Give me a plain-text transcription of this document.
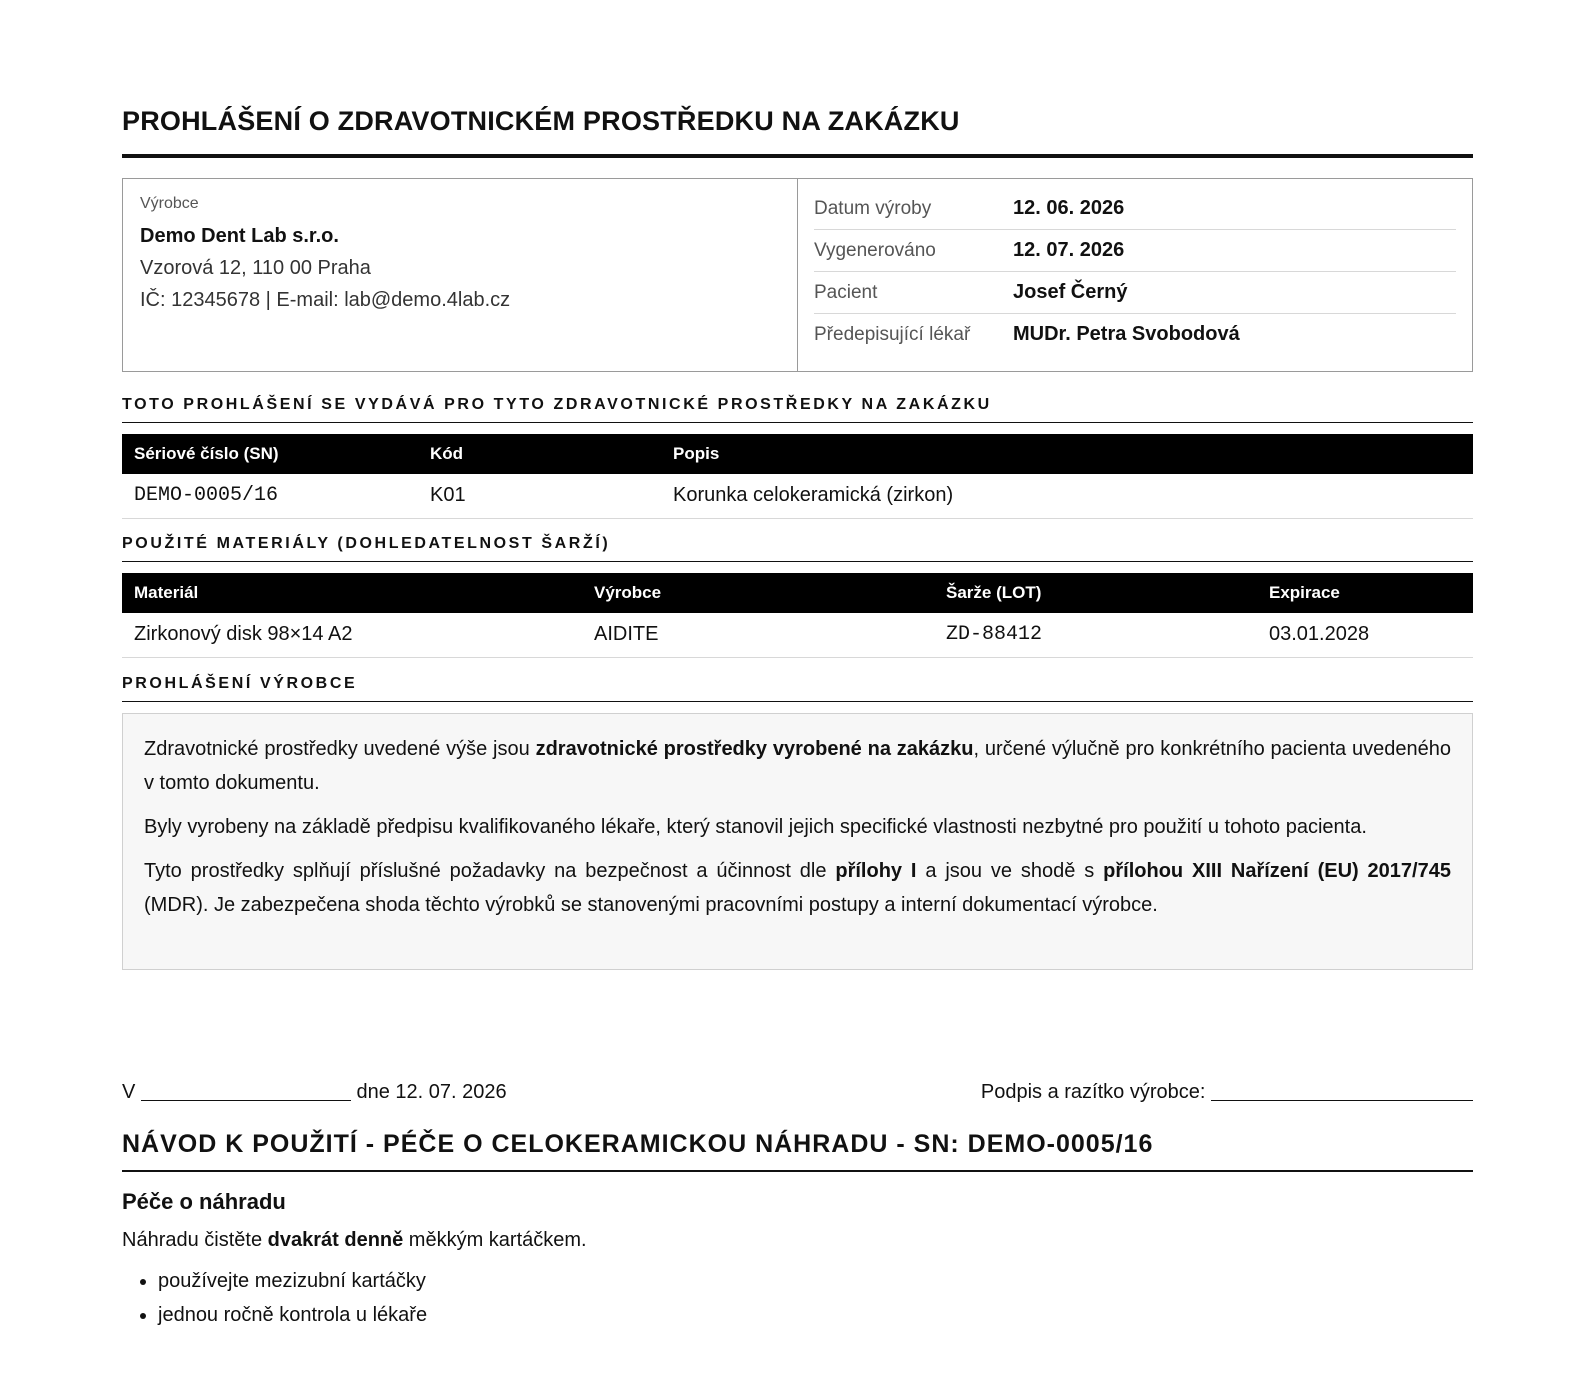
PROHLÁŠENÍ O ZDRAVOTNICKÉM PROSTŘEDKU NA ZAKÁZKU
Výrobce
Demo Dent Lab s.r.o.
Vzorová 12, 110 00 Praha
IČ: 12345678 | E-mail: lab@demo.4lab.cz
Datum výroby	12. 06. 2026
Vygenerováno	12. 07. 2026
Pacient	Josef Černý
Předepisující lékař	MUDr. Petra Svobodová
TOTO PROHLÁŠENÍ SE VYDÁVÁ PRO TYTO ZDRAVOTNICKÉ PROSTŘEDKY NA ZAKÁZKU
Sériové číslo (SN)	Kód	Popis
DEMO-0005/16	K01	Korunka celokeramická (zirkon)
POUŽITÉ MATERIÁLY (DOHLEDATELNOST ŠARŽÍ)
Materiál	Výrobce	Šarže (LOT)	Expirace
Zirkonový disk 98×14 A2	AIDITE	ZD-88412	03.01.2028
PROHLÁŠENÍ VÝROBCE

Zdravotnické prostředky uvedené výše jsou zdravotnické prostředky vyrobené na zakázku, určené výlučně pro konkrétního pacienta uvedeného v tomto dokumentu.

Byly vyrobeny na základě předpisu kvalifikovaného lékaře, který stanovil jejich specifické vlastnosti nezbytné pro použití u tohoto pacienta.

Tyto prostředky splňují příslušné požadavky na bezpečnost a účinnost dle přílohy I a jsou ve shodě s přílohou XIII Nařízení (EU) 2017/745 (MDR). Je zabezpečena shoda těchto výrobků se stanovenými pracovními postupy a interní dokumentací výrobce.

V	dne 12. 07. 2026	Podpis a razítko výrobce:
NÁVOD K POUŽITÍ - PÉČE O CELOKERAMICKOU NÁHRADU - SN: DEMO-0005/16
Péče o náhradu
Náhradu čistěte dvakrát denně měkkým kartáčkem.
• používejte mezizubní kartáčky
• jednou ročně kontrola u lékaře
